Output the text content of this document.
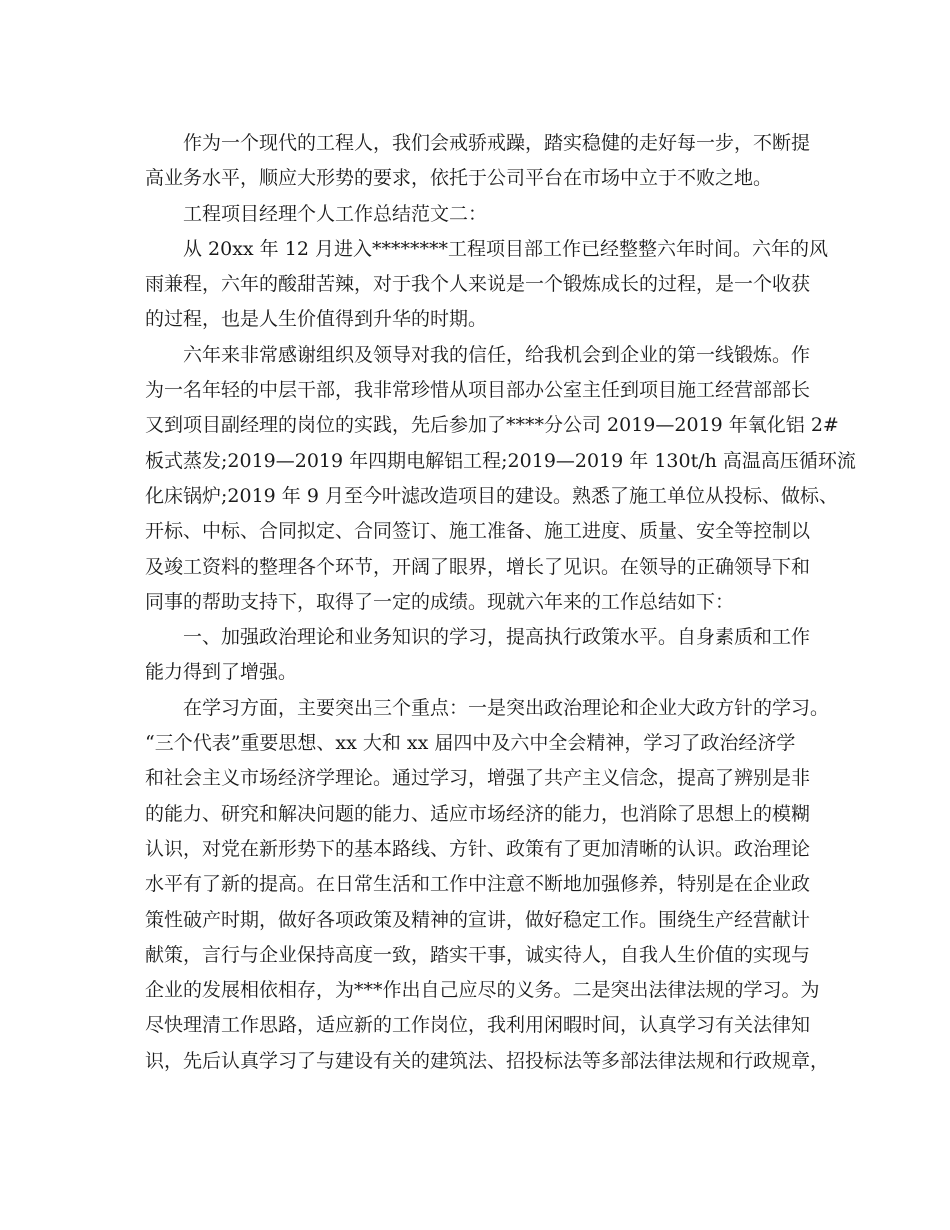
作为一个现代的工程人，我们会戒骄戒躁，踏实稳健的走好每一步，不断提
高业务水平，顺应大形势的要求，依托于公司平台在市场中立于不败之地。
工程项目经理个人工作总结范文二：
从 20xx 年 12 月进入********工程项目部工作已经整整六年时间。六年的风
雨兼程，六年的酸甜苦辣，对于我个人来说是一个锻炼成长的过程，是一个收获
的过程，也是人生价值得到升华的时期。
六年来非常感谢组织及领导对我的信任，给我机会到企业的第一线锻炼。作
为一名年轻的中层干部，我非常珍惜从项目部办公室主任到项目施工经营部部长
又到项目副经理的岗位的实践，先后参加了****分公司 2019—2019 年氧化铝 2#
板式蒸发;2019—2019 年四期电解铝工程;2019—2019 年 130t/h 高温高压循环流
化床锅炉;2019 年 9 月至今叶滤改造项目的建设。熟悉了施工单位从投标、做标、
开标、中标、合同拟定、合同签订、施工准备、施工进度、质量、安全等控制以
及竣工资料的整理各个环节，开阔了眼界，增长了见识。在领导的正确领导下和
同事的帮助支持下，取得了一定的成绩。现就六年来的工作总结如下：
一、加强政治理论和业务知识的学习，提高执行政策水平。自身素质和工作
能力得到了增强。
在学习方面，主要突出三个重点：一是突出政治理论和企业大政方针的学习。
“三个代表”重要思想、xx 大和 xx 届四中及六中全会精神，学习了政治经济学
和社会主义市场经济学理论。通过学习，增强了共产主义信念，提高了辨别是非
的能力、研究和解决问题的能力、适应市场经济的能力，也消除了思想上的模糊
认识，对党在新形势下的基本路线、方针、政策有了更加清晰的认识。政治理论
水平有了新的提高。在日常生活和工作中注意不断地加强修养，特别是在企业政
策性破产时期，做好各项政策及精神的宣讲，做好稳定工作。围绕生产经营献计
献策，言行与企业保持高度一致，踏实干事，诚实待人，自我人生价值的实现与
企业的发展相依相存，为***作出自己应尽的义务。二是突出法律法规的学习。为
尽快理清工作思路，适应新的工作岗位，我利用闲暇时间，认真学习有关法律知
识，先后认真学习了与建设有关的建筑法、招投标法等多部法律法规和行政规章，
